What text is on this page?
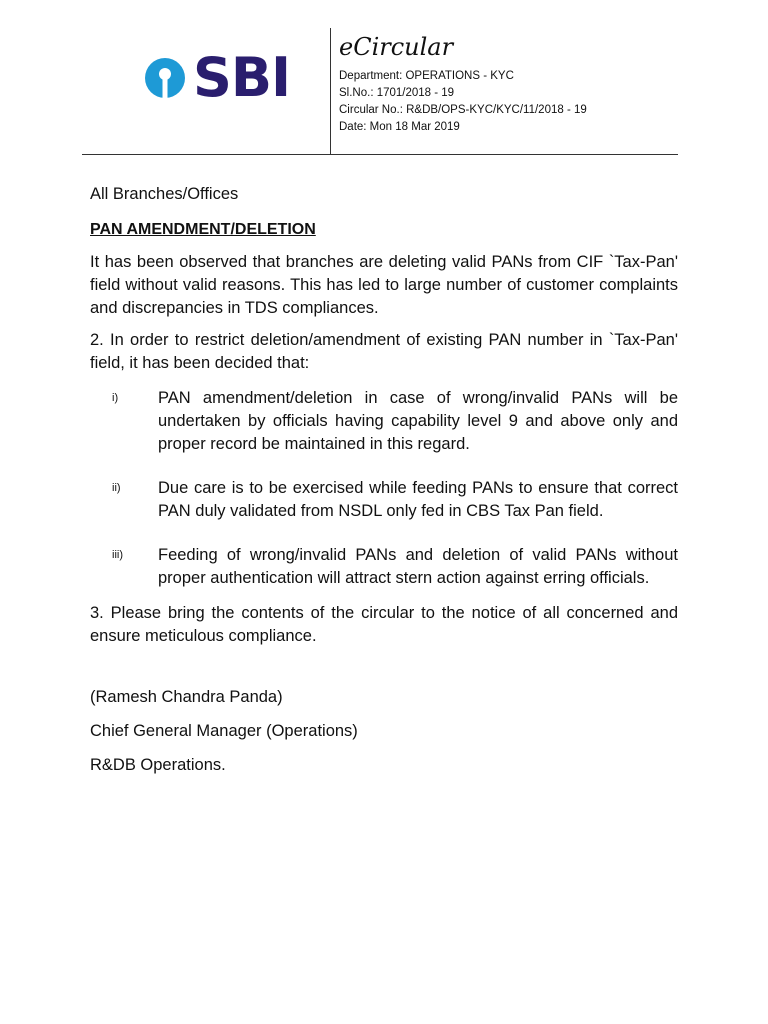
SBI eCircular
Department: OPERATIONS - KYC
Sl.No.: 1701/2018 - 19
Circular No.: R&DB/OPS-KYC/KYC/11/2018 - 19
Date: Mon 18 Mar 2019
All Branches/Offices
PAN AMENDMENT/DELETION
It has been observed that branches are deleting valid PANs from CIF `Tax-Pan' field without valid reasons. This has led to large number of customer complaints and discrepancies in TDS compliances.
2. In order to restrict deletion/amendment of existing PAN number in `Tax-Pan' field, it has been decided that:
i)	PAN amendment/deletion in case of wrong/invalid PANs will be undertaken by officials having capability level 9 and above only and proper record be maintained in this regard.
ii)	Due care is to be exercised while feeding PANs to ensure that correct PAN duly validated from NSDL only fed in CBS Tax Pan field.
iii)	Feeding of wrong/invalid PANs and deletion of valid PANs without proper authentication will attract stern action against erring officials.
3. Please bring the contents of the circular to the notice of all concerned and ensure meticulous compliance.
(Ramesh Chandra Panda)
Chief General Manager (Operations)
R&DB Operations.
